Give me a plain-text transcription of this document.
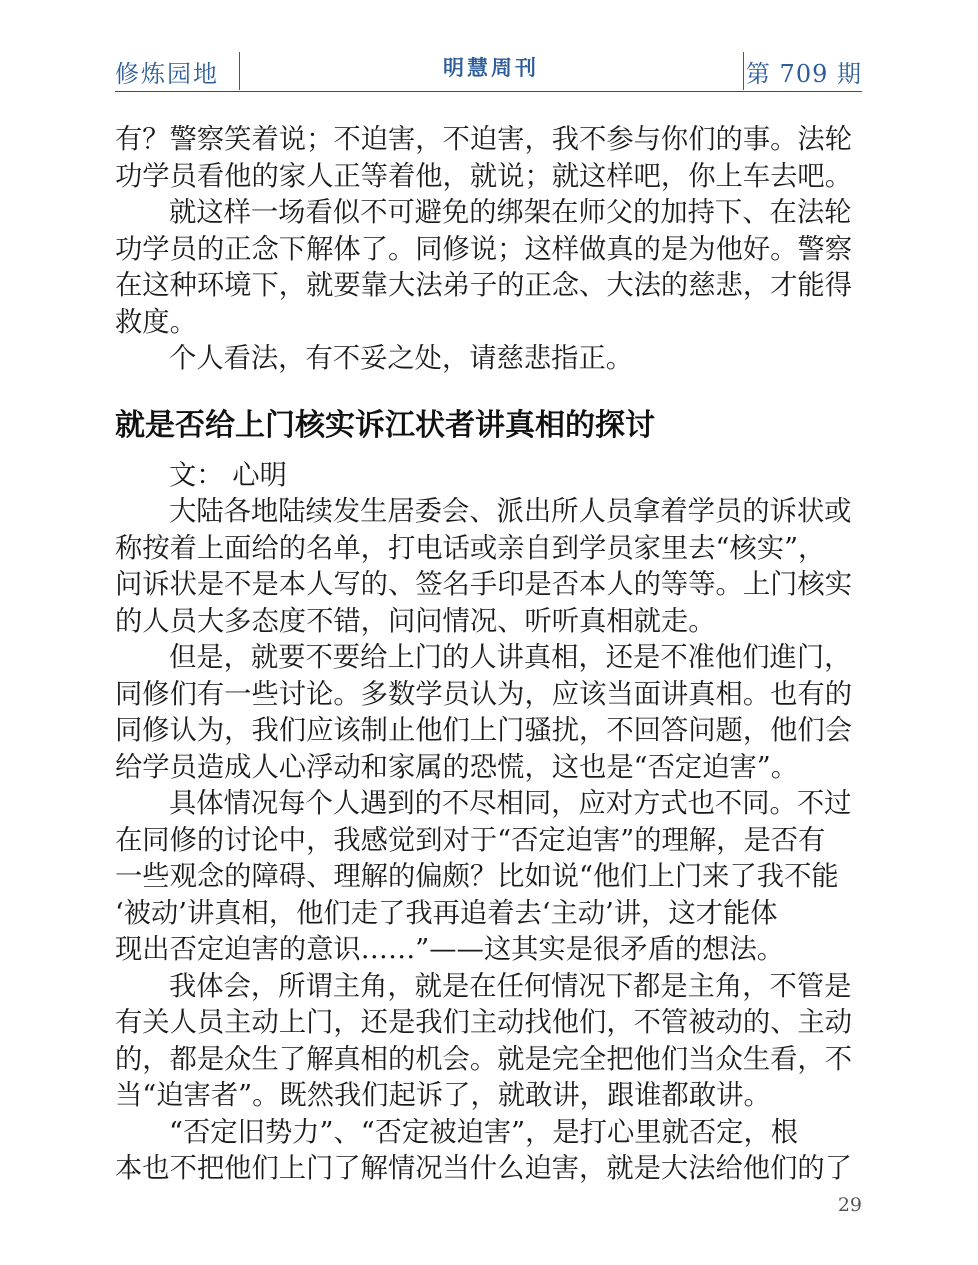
修炼园地	明慧周刊	第 709 期

有？警察笑着说；不迫害，不迫害，我不参与你们的事。法轮
功学员看他的家人正等着他，就说；就这样吧，你上车去吧。

就这样一场看似不可避免的绑架在师父的加持下、在法轮
功学员的正念下解体了。同修说；这样做真的是为他好。警察
在这种环境下，就要靠大法弟子的正念、大法的慈悲，才能得
救度。

个人看法，有不妥之处，请慈悲指正。

就是否给上门核实诉江状者讲真相的探讨

文： 心明

大陆各地陆续发生居委会、派出所人员拿着学员的诉状或
称按着上面给的名单，打电话或亲自到学员家里去“核实”，
问诉状是不是本人写的、签名手印是否本人的等等。上门核实
的人员大多态度不错，问问情况、听听真相就走。

但是，就要不要给上门的人讲真相，还是不准他们進门，
同修们有一些讨论。多数学员认为，应该当面讲真相。也有的
同修认为，我们应该制止他们上门骚扰，不回答问题，他们会
给学员造成人心浮动和家属的恐慌，这也是“否定迫害”。

具体情况每个人遇到的不尽相同，应对方式也不同。不过
在同修的讨论中，我感觉到对于“否定迫害”的理解，是否有
一些观念的障碍、理解的偏颇？比如说“他们上门来了我不能
‘被动’讲真相，他们走了我再追着去‘主动’讲，这才能体
现出否定迫害的意识……”——这其实是很矛盾的想法。

我体会，所谓主角，就是在任何情况下都是主角，不管是
有关人员主动上门，还是我们主动找他们，不管被动的、主动
的，都是众生了解真相的机会。就是完全把他们当众生看，不
当“迫害者”。既然我们起诉了，就敢讲，跟谁都敢讲。

“否定旧势力”、“否定被迫害”，是打心里就否定，根
本也不把他们上门了解情况当什么迫害，就是大法给他们的了

29
